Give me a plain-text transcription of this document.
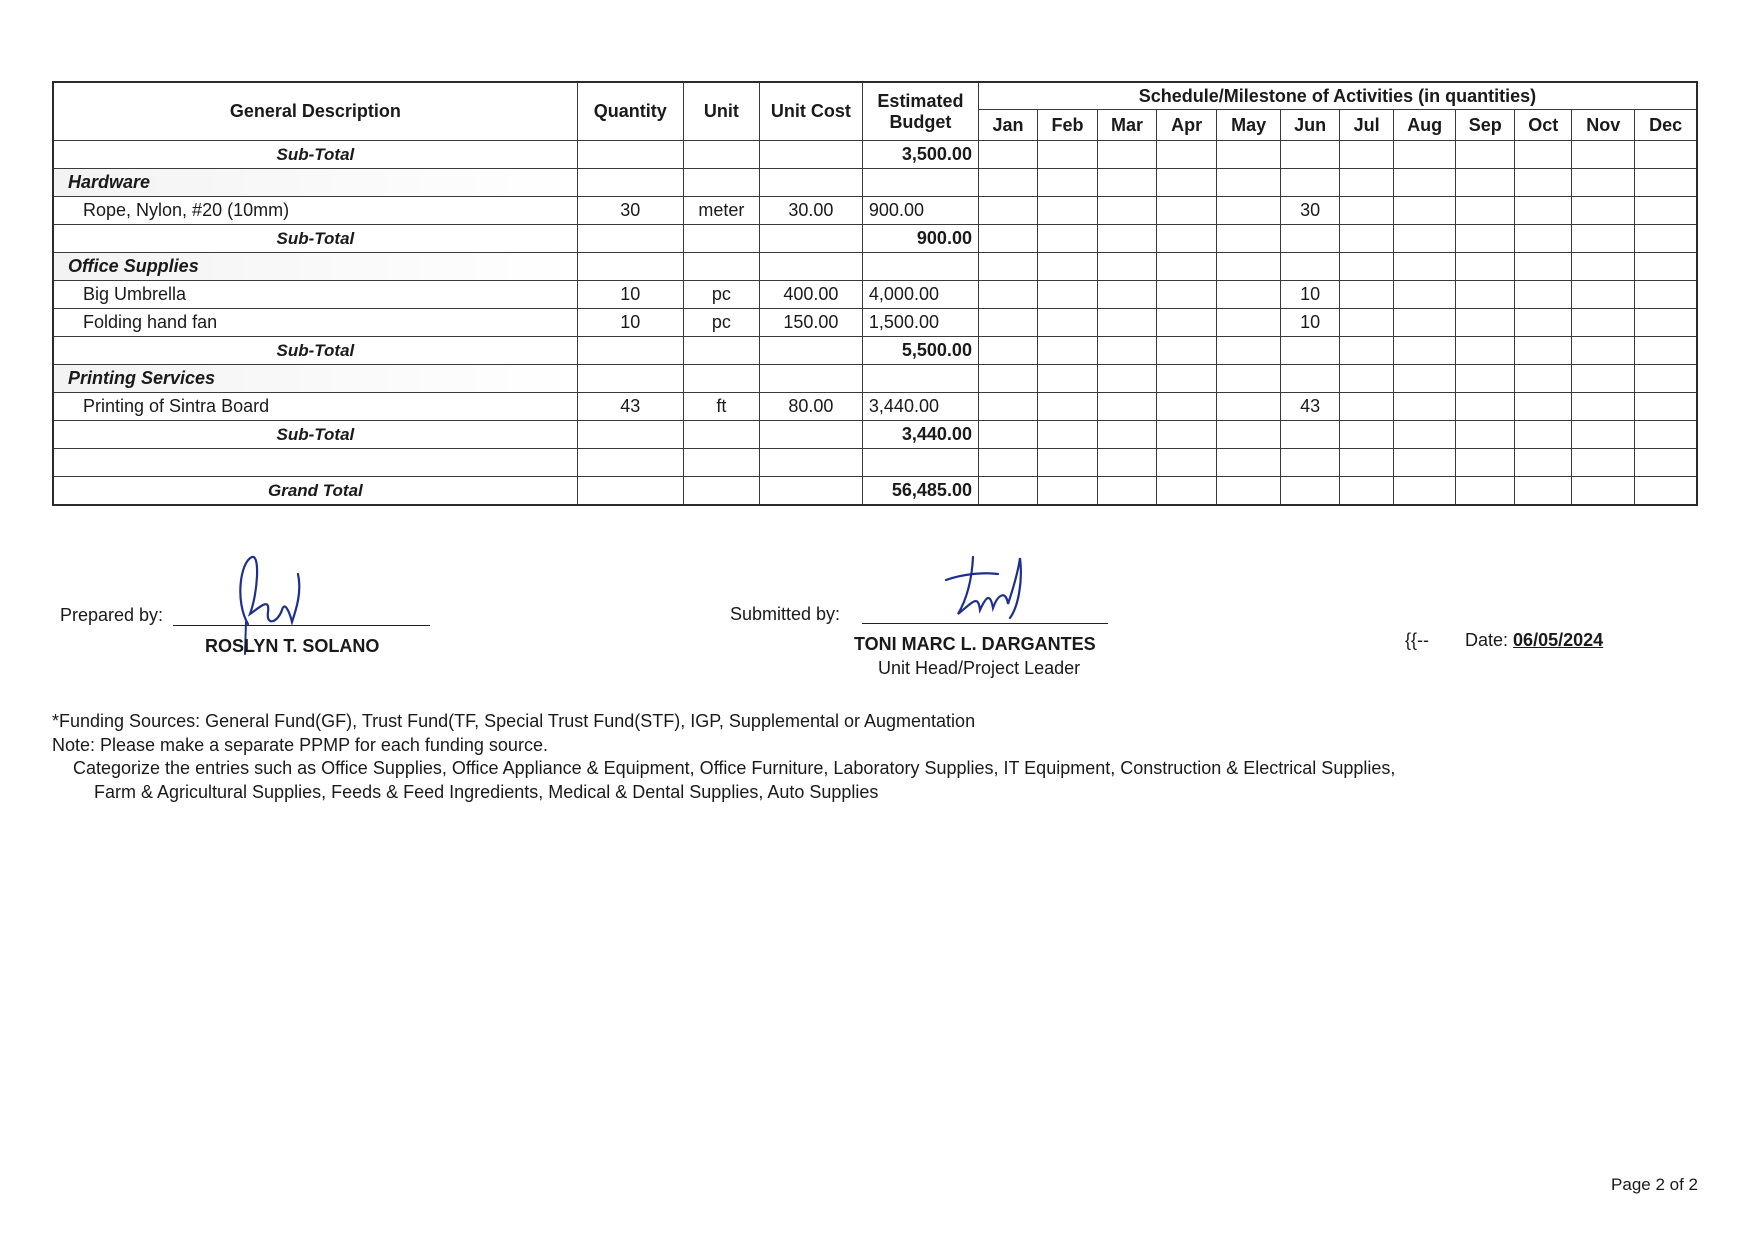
General Description	Quantity	Unit	Unit Cost	Estimated
Budget	Schedule/Milestone of Activities (in quantities)											
					Jan	Feb	Mar	Apr	May	Jun	Jul	Aug	Sep	Oct	Nov	Dec
Sub-Total				3,500.00												
Hardware																
Rope, Nylon, #20 (10mm)	30	meter	30.00	900.00						30						
Sub-Total				900.00												
Office Supplies																
Big Umbrella	10	pc	400.00	4,000.00						10						
Folding hand fan	10	pc	150.00	1,500.00						10						
Sub-Total				5,500.00												
Printing Services																
Printing of Sintra Board	43	ft	80.00	3,440.00						43						
Sub-Total				3,440.00												

Grand Total				56,485.00												
Prepared by:
ROSLYN T. SOLANO
Submitted by:
TONI MARC L. DARGANTES
Unit Head/Project Leader
{{-- Date: 06/05/2024
*Funding Sources: General Fund(GF), Trust Fund(TF, Special Trust Fund(STF), IGP, Supplemental or Augmentation
Note: Please make a separate PPMP for each funding source.
Categorize the entries such as Office Supplies, Office Appliance & Equipment, Office Furniture, Laboratory Supplies, IT Equipment, Construction & Electrical Supplies,
Farm & Agricultural Supplies, Feeds & Feed Ingredients, Medical & Dental Supplies, Auto Supplies
Page 2 of 2
